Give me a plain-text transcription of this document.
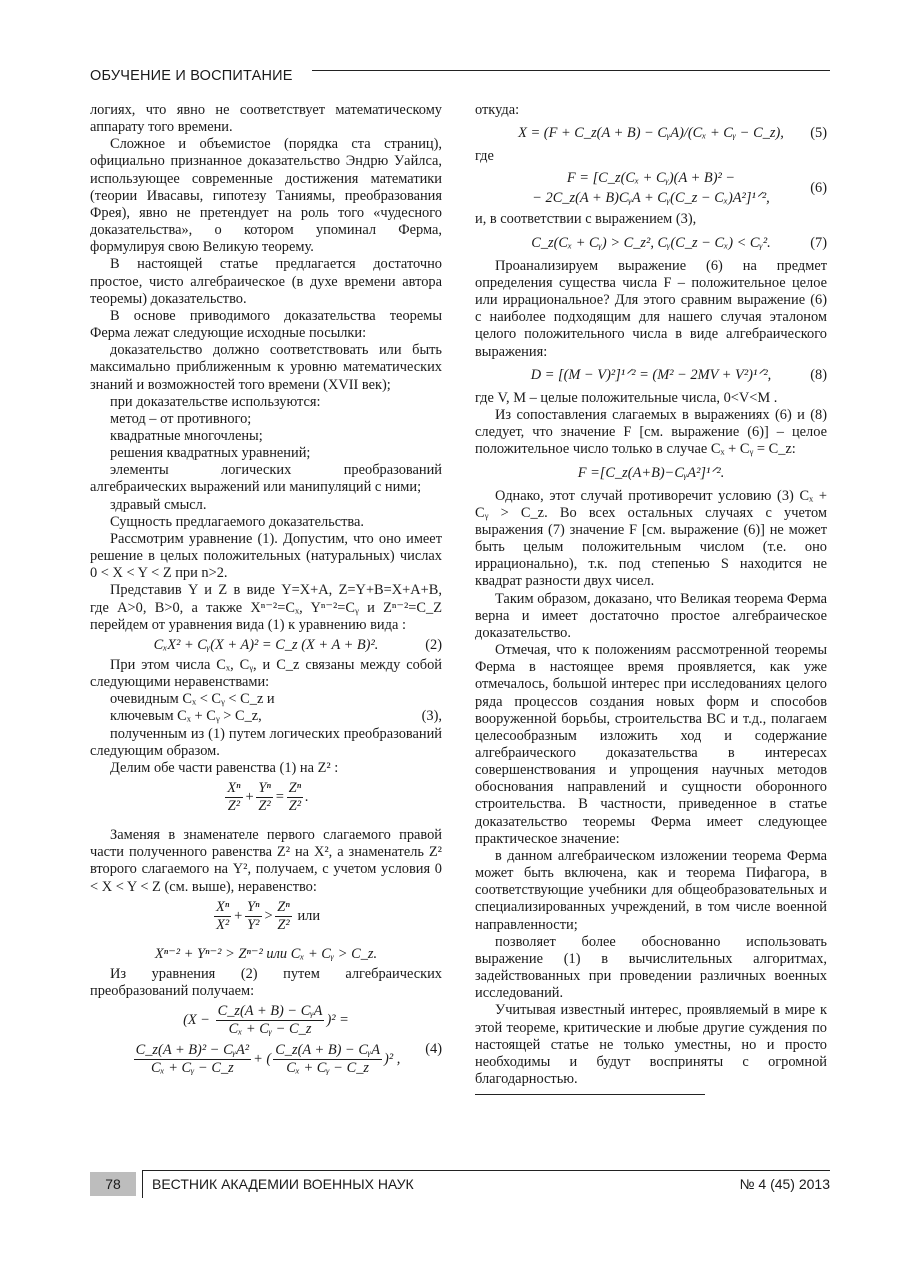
ОБУЧЕНИЕ И ВОСПИТАНИЕ

логиях, что явно не соответствует математическому аппарату того времени.

Сложное и объемистое (порядка ста страниц), официально признанное доказательство Эндрю Уайлса, использующее современные достижения математики (теории Ивасавы, гипотезу Таниямы, преобразования Фрея), явно не претендует на роль того «чудесного доказательства», о котором упоминал Ферма, формулируя свою Великую теорему.

В настоящей статье предлагается достаточно простое, чисто алгебраическое (в духе времени автора теоремы) доказательство.

В основе приводимого доказательства теоремы Ферма лежат следующие исходные посылки:

доказательство должно соответствовать или быть максимально приближенным к уровню математических знаний и возможностей того времени (XVII век);

при доказательстве используются:

метод – от противного;

квадратные многочлены;

решения квадратных уравнений;

элементы логических преобразований алгебраических выражений или манипуляций с ними;

здравый смысл.

Сущность предлагаемого доказательства.

Рассмотрим уравнение (1). Допустим, что оно имеет решение в целых положительных (натуральных) числах 0 < X < Y < Z при n>2.

Представив Y и Z в виде Y=X+A, Z=Y+B=X+A+B, где A>0, B>0, а также Xⁿ⁻²=Cₓ, Yⁿ⁻²=Cᵧ и Zⁿ⁻²=C_Z перейдем от уравнения вида (1) к уравнению вида :

CₓX² + Cᵧ(X + A)² = C_z (X + A + B)².	(2)

При этом числа Cₓ, Cᵧ, и C_z связаны между собой следующими неравенствами:

очевидным Cₓ < Cᵧ < C_z и

ключевым Cₓ + Cᵧ > C_z,	(3),

полученным из (1) путем логических преобразований следующим образом.

Делим обе части равенства (1) на Z² :

$\frac{\text{Xⁿ}}{\text{Z²}} + \frac{\text{Yⁿ}}{\text{Z²}} = \frac{\text{Zⁿ}}{\text{Z²}}$ .

Заменяя в знаменателе первого слагаемого правой части полученного равенства Z² на X², а знаменатель Z² второго слагаемого на Y², получаем, с учетом условия 0 < X < Y < Z (см. выше), неравенство:

$\frac{\text{Xⁿ}}{\text{X²}} + \frac{\text{Yⁿ}}{\text{Y²}} > \frac{\text{Zⁿ}}{\text{Z²}}$ или
Xⁿ⁻² + Yⁿ⁻² > Zⁿ⁻² или Cₓ + Cᵧ > C_z.

Из уравнения (2) путем алгебраических преобразований получаем:

$(X - \frac{\text{C\_z(A + B) − CᵧA}}{\text{Cₓ + Cᵧ − C\_z}} )^2$ =
$\frac{\text{C\_z(A + B)² − CᵧA²}}{\text{Cₓ + Cᵧ − C\_z}}$ + ( $\frac{\text{C\_z(A + B) − CᵧA}}{\text{Cₓ + Cᵧ − C\_z}} )^2$ ,
(4)

откуда:

X = (F + C_z(A + B) − CᵧA)/(Cₓ + Cᵧ − C_z), (5)

где

F = [C_z(Cₓ + Cᵧ)(A + B)² −
− 2C_z(A + B)CᵧA + Cᵧ(C_z − Cₓ)A²]¹ᐟ²,
(6)

и, в соответствии с выражением (3),

C_z(Cₓ + Cᵧ) > C_z², Cᵧ(C_z − Cₓ) < Cᵧ².	(7)

Проанализируем выражение (6) на предмет определения существа числа F – положительное целое или иррациональное? Для этого сравним выражение (6) с наиболее подходящим для нашего случая эталоном целого положительного числа в виде алгебраического выражения:

D = [(M − V)²]¹ᐟ² = (M² − 2MV + V²)¹ᐟ²,	(8)

где V, M – целые положительные числа, 0<V<M .

Из сопоставления слагаемых в выражениях (6) и (8) следует, что значение F [см. выражение (6)] – целое положительное число только в случае Cₓ + Cᵧ = C_z:

F =[C_z(A+B)−CᵧA²]¹ᐟ².

Однако, этот случай противоречит условию (3) Cₓ + Cᵧ > C_z. Во всех остальных случаях с учетом выражения (7) значение F [см. выражение (6)] не может быть целым положительным числом (т.е. оно иррационально), т.к. под степенью S находится не квадрат разности двух чисел.

Таким образом, доказано, что Великая теорема Ферма верна и имеет достаточно простое алгебраическое доказательство.

Отмечая, что к положениям рассмотренной теоремы Ферма в настоящее время проявляется, как уже отмечалось, большой интерес при исследованиях целого ряда процессов создания новых форм и способов вооруженной борьбы, строительства ВС и т.д., полагаем целесообразным изложить ход и содержание алгебраического доказательства в интересах совершенствования и упрощения научных методов обоснования направлений и сущности оборонного строительства. В частности, приведенное в статье доказательство теоремы Ферма имеет следующее практическое значение:

в данном алгебраическом изложении теорема Ферма может быть включена, как и теорема Пифагора, в соответствующие учебники для общеобразовательных и специализированных учреждений, в том числе военной направленности;

позволяет более обоснованно использовать выражение (1) в вычислительных алгоритмах, задействованных при проведении различных военных исследований.

Учитывая известный интерес, проявляемый в мире к этой теореме, критические и любые другие суждения по настоящей статье не только уместны, но и просто необходимы и будут восприняты с огромной благодарностью.

78	ВЕСТНИК АКАДЕМИИ ВОЕННЫХ НАУК	№ 4 (45) 2013
